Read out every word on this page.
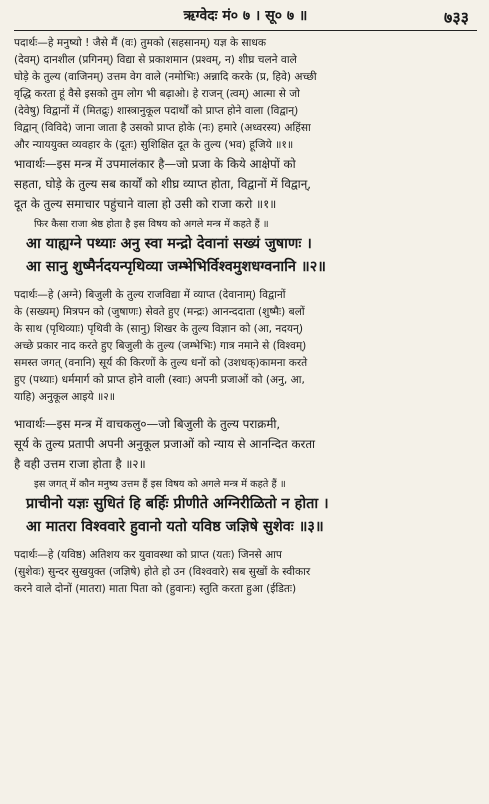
ऋग्वेदः मं० ७ । सू० ७ ॥	७३३

पदार्थः—हे मनुष्यो ! जैसे मैं (वः) तुमको (सहसानम्) यज्ञ के साधक

(देवम्) दानशील (प्रगिनम्) विद्या से प्रकाशमान (प्रश्वम्, न) शीघ्र चलने वाले

घोड़े के तुल्य (वाजिनम्) उत्तम वेग वाले (नमोभिः) अन्नादि करके (प्र, हिवे) अच्छी

वृद्धि करता हूं वैसे इसको तुम लोग भी बढ़ाओ। हे राजन् (त्वम्) आत्मा से जो

(देवेषु) विद्वानों में (मितद्रुः) शास्त्रानुकूल पदार्थों को प्राप्त होने वाला (विद्वान्)

विद्वान् (विविदे) जाना जाता है उसको प्राप्त होके (नः) हमारे (अध्वरस्य) अहिंसा

और न्याययुक्त व्यवहार के (दूतः) सुशिक्षित दूत के तुल्य (भव) हूजिये ॥१॥

भावार्थः—इस मन्त्र में उपमालंकार है—जो प्रजा के किये आक्षेपों को

सहता, घोड़े के तुल्य सब कार्यों को शीघ्र व्याप्त होता, विद्वानों में विद्वान्,

दूत के तुल्य समाचार पहुंचाने वाला हो उसी को राजा करो ॥१॥

फिर कैसा राजा श्रेष्ठ होता है इस विषय को अगले मन्त्र में कहते हैं ॥

आ याह्यग्ने पथ्याः अनु स्वा मन्द्रो देवानां सख्यं जुषाणः ।

आ सानु शुष्मैर्नदयन्पृथिव्या जम्भेभिर्विश्वमुशधग्वनानि ॥२॥

पदार्थः—हे (अग्ने) बिजुली के तुल्य राजविद्या में व्याप्त (देवानाम्) विद्वानों

के (सख्यम्) मित्रपन को (जुषाणः) सेवते हुए (मन्द्रः) आनन्ददाता (शुष्मैः) बलों

के साथ (पृथिव्याः) पृथिवी के (सानु) शिखर के तुल्य विज्ञान को (आ, नदयन्)

अच्छे प्रकार नाद करते हुए बिजुली के तुल्य (जम्भेभिः) गात्र नमाने से (विश्वम्)

समस्त जगत् (वनानि) सूर्य की किरणों के तुल्य धनों को (उशधक्)कामना करते

हुए (पथ्याः) धर्ममार्ग को प्राप्त होने वाली (स्वाः) अपनी प्रजाओं को (अनु, आ,

याहि) अनुकूल आइये ॥२॥

भावार्थः—इस मन्त्र में वाचकलु०—जो बिजुली के तुल्य पराक्रमी,

सूर्य के तुल्य प्रतापी अपनी अनुकूल प्रजाओं को न्याय से आनन्दित करता

है वही उत्तम राजा होता है ॥२॥

इस जगत् में कौन मनुष्य उत्तम हैं इस विषय को अगले मन्त्र में कहते हैं ॥

प्राचीनो यज्ञः सुधितं हि बर्हिः प्रीणीते अग्निरीळितो न होता ।

आ मातरा विश्ववारे हुवानो यतो यविष्ठ जज्ञिषे सुशेवः ॥३॥

पदार्थः—हे (यविष्ठ) अतिशय कर युवावस्था को प्राप्त (यतः) जिनसे आप

(सुशेवः) सुन्दर सुखयुक्त (जज्ञिषे) होते हो उन (विश्ववारे) सब सुखों के स्वीकार

करने वाले दोनों (मातरा) माता पिता को (हुवानः) स्तुति करता हुआ (ईडितः)
